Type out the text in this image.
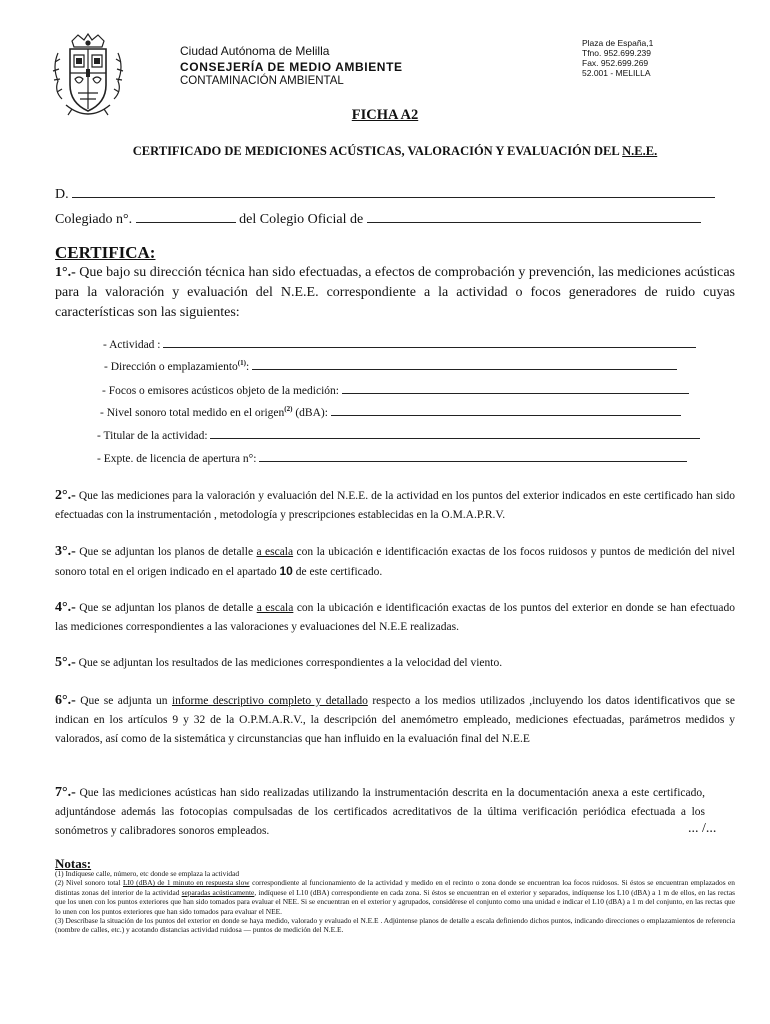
Ciudad Autónoma de Melilla
CONSEJERÍA DE MEDIO AMBIENTE
CONTAMINACIÓN AMBIENTAL
Plaza de España,1
Tfno. 952.699.239
Fax. 952.699.269
52.001 - MELILLA
FICHA A2
CERTIFICADO DE MEDICIONES ACÚSTICAS, VALORACIÓN Y EVALUACIÓN DEL N.E.E.
D.
Colegiado n°.	del Colegio Oficial de
CERTIFICA:
1°.- Que bajo su dirección técnica han sido efectuadas, a efectos de comprobación y prevención, las mediciones acústicas para la valoración y evaluación del N.E.E. correspondiente a la actividad o focos generadores de ruido cuyas características son las siguientes:
- Actividad :
- Dirección o emplazamiento$^{(1)}$:
- Focos o emisores acústicos objeto de la medición:
- Nivel sonoro total medido en el origen$^{(2)}$ (dBA):
- Titular de la actividad:
- Expte. de licencia de apertura n°:
2°.- Que las mediciones para la valoración y evaluación del N.E.E. de la actividad en los puntos del exterior indicados en este certificado han sido efectuadas con la instrumentación , metodología y prescripciones establecidas en la O.M.A.P.R.V.
3°.- Que se adjuntan los planos de detalle a escala con la ubicación e identificación exactas de los focos ruidosos y puntos de medición del nivel sonoro total en el origen indicado en el apartado 10 de este certificado.
4°.- Que se adjuntan los planos de detalle a escala con la ubicación e identificación exactas de los puntos del exterior en donde se han efectuado las mediciones correspondientes a las valoraciones y evaluaciones del N.E.E realizadas.
5°.- Que se adjuntan los resultados de las mediciones correspondientes a la velocidad del viento.
6°.- Que se adjunta un informe descriptivo completo y detallado respecto a los medios utilizados ,incluyendo los datos identificativos que se indican en los artículos 9 y 32 de la O.P.M.A.R.V., la descripción del anemómetro empleado, mediciones efectuadas, parámetros medidos y valorados, así como de la sistemática y circunstancias que han influido en la evaluación final del N.E.E
7°.- Que las mediciones acústicas han sido realizadas utilizando la instrumentación descrita en la documentación anexa a este certificado, adjuntándose además las fotocopias compulsadas de los certificados acreditativos de la última verificación periódica efectuada a los sonómetros y calibradores sonoros empleados.	... /...
Notas:
(1) Indíquese calle, número, etc donde se emplaza la actividad
(2) Nivel sonoro total LI0 (dBA) de 1 minuto en respuesta slow correspondiente al funcionamiento de la actividad y medido en el recinto o zona donde se encuentran loa focos ruidosos. Si éstos se encuentran emplazados en distintas zonas del interior de la actividad separadas acústicamente, indíquese el L10 (dBA) correspondiente en cada zona. Si éstos se encuentran en el exterior y separados, indíquense los L10 (dBA) a 1 m de ellos, en las rectas que los unen con los puntos exteriores que han sido tomados para evaluar el NEE. Si se encuentran en el exterior y agrupados, considérese el conjunto como una unidad e indicar el L10 (dBA) a 1 m del conjunto, en las rectas que lo unen con los puntos exteriores que han sido tomados para evaluar el NEE.
(3) Descríbase la situación de los puntos del exterior en donde se haya medido, valorado y evaluado el N.E.E . Adjúntense planos de detalle a escala definiendo dichos puntos, indicando direcciones o emplazamientos de referencia (nombre de calles, etc.) y acotando distancias actividad ruidosa — puntos de medición del N.E.E.
